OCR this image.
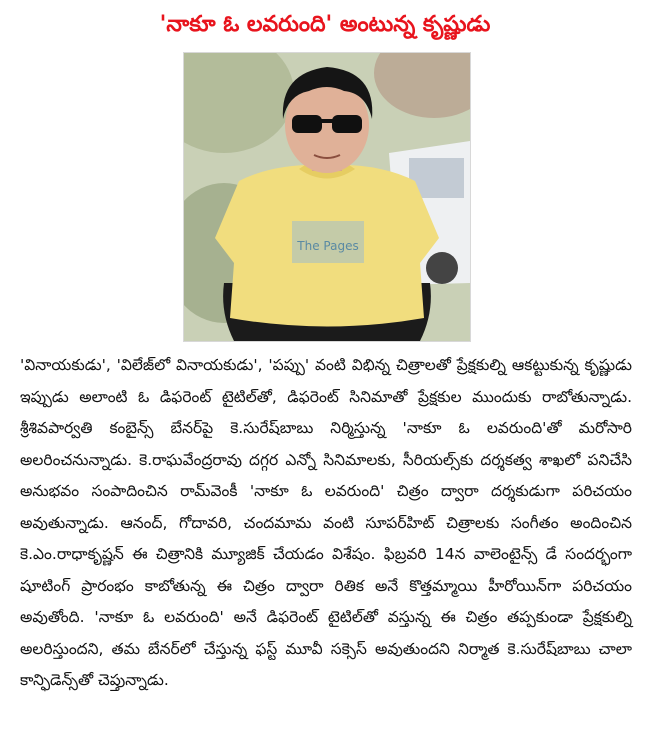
'నాకూ ఓ లవరుంది' అంటున్న కృష్ణుడు
The Pages

'వినాయకుడు', 'విలేజ్‌లో వినాయకుడు', 'పప్పు' వంటి విభిన్న చిత్రాలతో ప్రేక్షకుల్ని ఆకట్టుకున్న కృష్ణుడు ఇప్పుడు అలాంటి ఓ డిఫరెంట్ టైటిల్‌తో, డిఫరెంట్ సినిమాతో ప్రేక్షకుల ముందుకు రాబోతున్నాడు. శ్రీశివపార్వతి కంబైన్స్ బేనర్‌పై కె.సురేష్‌బాబు నిర్మిస్తున్న 'నాకూ ఓ లవరుంది'తో మరోసారి అలరించనున్నాడు. కె.రాఘవేంద్రరావు దగ్గర ఎన్నో సినిమాలకు, సీరియల్స్‌కు దర్శకత్వ శాఖలో పనిచేసి అనుభవం సంపాదించిన రామ్‌వెంకీ 'నాకూ ఓ లవరుంది' చిత్రం ద్వారా దర్శకుడుగా పరిచయం అవుతున్నాడు. ఆనంద్, గోదావరి, చందమామ వంటి సూపర్‌హిట్ చిత్రాలకు సంగీతం అందించిన కె.ఎం.రాధాకృష్ణన్ ఈ చిత్రానికి మ్యూజిక్ చేయడం విశేషం. ఫిబ్రవరి 14న వాలెంటైన్స్ డే సందర్భంగా షూటింగ్ ప్రారంభం కాబోతున్న ఈ చిత్రం ద్వారా రితిక అనే కొత్తమ్మాయి హీరోయిన్‌గా పరిచయం అవుతోంది. 'నాకూ ఓ లవరుంది' అనే డిఫరెంట్ టైటిల్‌తో వస్తున్న ఈ చిత్రం తప్పకుండా ప్రేక్షకుల్ని అలరిస్తుందని, తమ బేనర్‌లో చేస్తున్న ఫస్ట్ మూవీ సక్సెస్ అవుతుందని నిర్మాత కె.సురేష్‌బాబు చాలా కాన్ఫిడెన్స్‌తో చెప్తున్నాడు.
